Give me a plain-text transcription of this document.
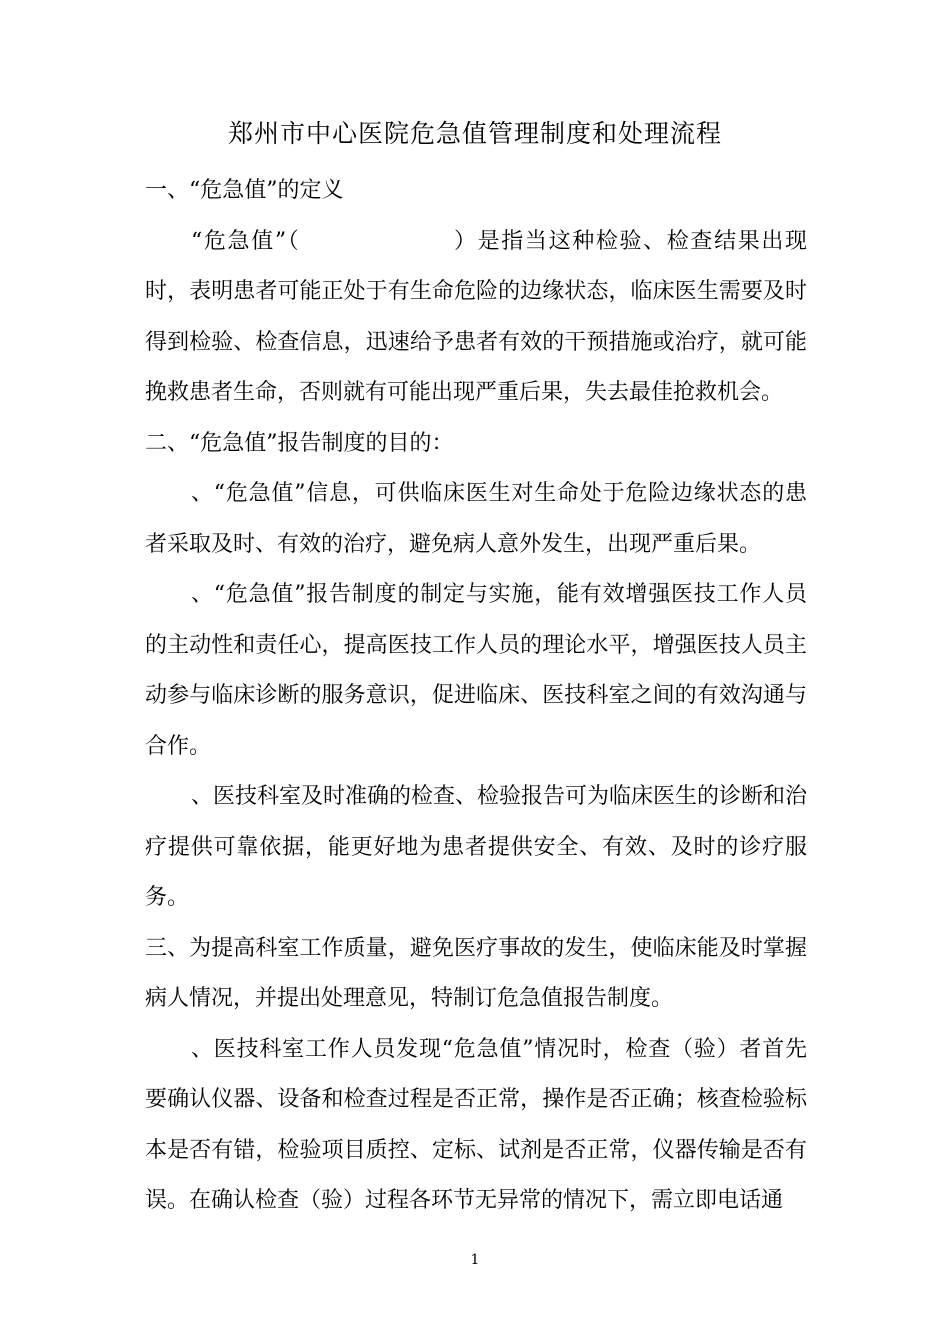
郑州市中心医院危急值管理制度和处理流程

一、“危急值”的定义

“危急值”（	）是指当这种检验、检查结果出现时，表明患者可能正处于有生命危险的边缘状态，临床医生需要及时得到检验、检查信息，迅速给予患者有效的干预措施或治疗，就可能挽救患者生命，否则就有可能出现严重后果，失去最佳抢救机会。

二、“危急值”报告制度的目的：

、“危急值”信息，可供临床医生对生命处于危险边缘状态的患者采取及时、有效的治疗，避免病人意外发生，出现严重后果。

、“危急值”报告制度的制定与实施，能有效增强医技工作人员的主动性和责任心，提高医技工作人员的理论水平，增强医技人员主动参与临床诊断的服务意识，促进临床、医技科室之间的有效沟通与合作。

、医技科室及时准确的检查、检验报告可为临床医生的诊断和治疗提供可靠依据，能更好地为患者提供安全、有效、及时的诊疗服务。

三、为提高科室工作质量，避免医疗事故的发生，使临床能及时掌握病人情况，并提出处理意见，特制订危急值报告制度。

、医技科室工作人员发现“危急值”情况时，检查（验）者首先要确认仪器、设备和检查过程是否正常，操作是否正确；核查检验标本是否有错，检验项目质控、定标、试剂是否正常，仪器传输是否有误。在确认检查（验）过程各环节无异常的情况下，需立即电话通

1
